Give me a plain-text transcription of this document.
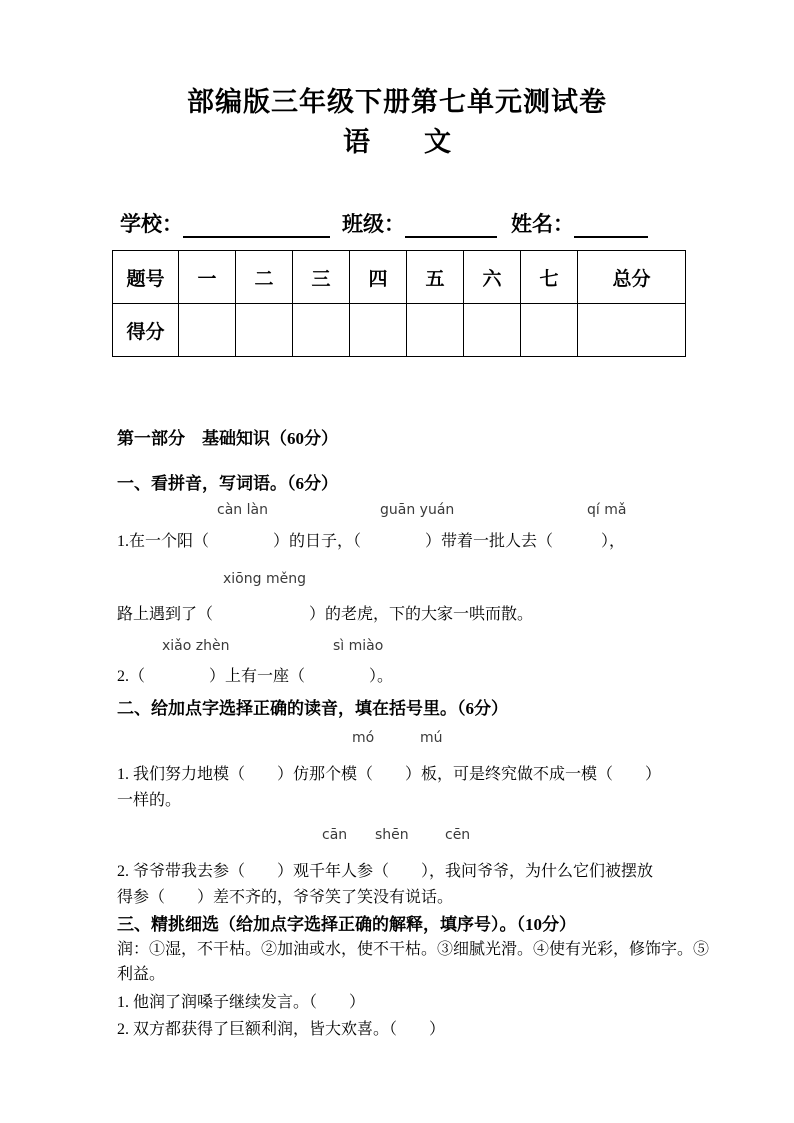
部编版三年级下册第七单元测试卷
语　　文
学校：	班级：	姓名：
题号	一	二	三	四	五	六	七	总分
得分								
第一部分　基础知识（60分）
一、看拼音，写词语。（6分）
càn làn	guān yuán	qí mǎ
1.在一个阳（　　　　）的日子，（　　　　）带着一批人去（　　　），
xiōng měng
路上遇到了（　　　　　　）的老虎，下的大家一哄而散。
xiǎo zhèn	sì miào
2.（　　　　）上有一座（　　　　）。
二、给加点字选择正确的读音，填在括号里。（6分）
mó	mú
1. 我们努力地模（　　）仿那个模（　　）板，可是终究做不成一模（　　）
一样的。
cān shēn	cēn
2. 爷爷带我去参（　　）观千年人参（　　），我问爷爷，为什么它们被摆放
得参（　　）差不齐的，爷爷笑了笑没有说话。
三、精挑细选（给加点字选择正确的解释，填序号）。（10分）
润：①湿，不干枯。②加油或水，使不干枯。③细腻光滑。④使有光彩，修饰字。⑤
利益。
1. 他润了润嗓子继续发言。（　　）
2. 双方都获得了巨额利润，皆大欢喜。（　　）
